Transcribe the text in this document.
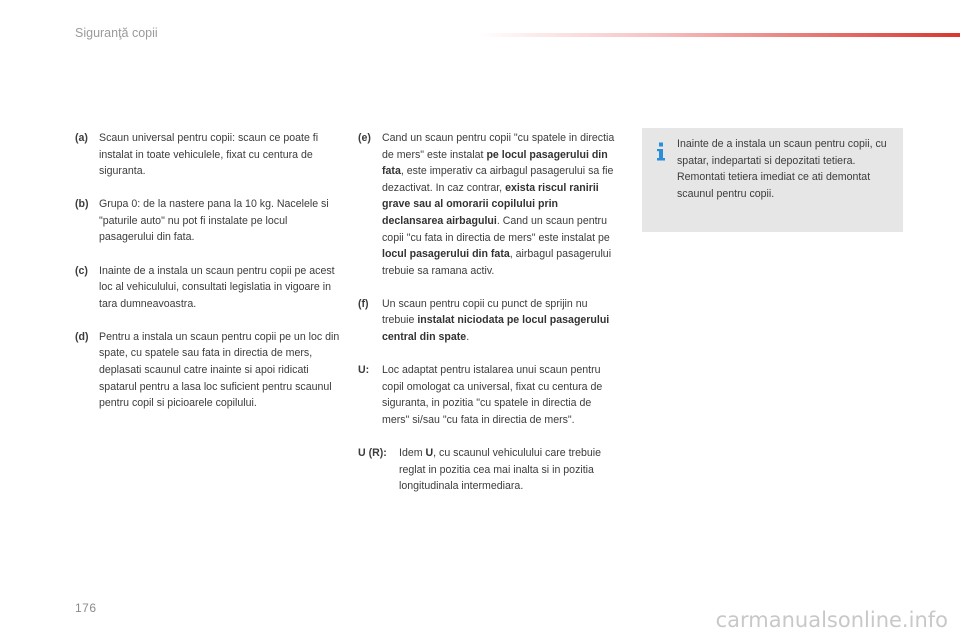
Siguranţă copii
(a)	Scaun universal pentru copii: scaun ce poate fi instalat in toate vehiculele, fixat cu centura de siguranta.
(b) Grupa 0: de la nastere pana la 10 kg. Nacelele si "paturile auto" nu pot fi instalate pe locul pasagerului din fata.
(c)	Inainte de a instala un scaun pentru copii pe acest loc al vehiculului, consultati legislatia in vigoare in tara dumneavoastra.
(d) Pentru a instala un scaun pentru copii pe un loc din spate, cu spatele sau fata in directia de mers, deplasati scaunul catre inainte si apoi ridicati spatarul pentru a lasa loc suficient pentru scaunul pentru copil si picioarele copilului.
(e)	Cand un scaun pentru copii "cu spatele in directia de mers" este instalat pe locul pasagerului din fata, este imperativ ca airbagul pasagerului sa fie dezactivat. In caz contrar, exista riscul ranirii grave sau al omorarii copilului prin declansarea airbagului. Cand un scaun pentru copii "cu fata in directia de mers" este instalat pe locul pasagerului din fata, airbagul pasagerului trebuie sa ramana activ.
(f)	Un scaun pentru copii cu punct de sprijin nu trebuie instalat niciodata pe locul pasagerului central din spate.
U:	Loc adaptat pentru istalarea unui scaun pentru copil omologat ca universal, fixat cu centura de siguranta, in pozitia "cu spatele in directia de mers" si/sau "cu fata in directia de mers".
U (R):	Idem U, cu scaunul vehiculului care trebuie reglat in pozitia cea mai inalta si in pozitia longitudinala intermediara.
Inainte de a instala un scaun pentru copii, cu spatar, indepartati si depozitati tetiera. Remontati tetiera imediat ce ati demontat scaunul pentru copii.
176	carmanualsonline.info
